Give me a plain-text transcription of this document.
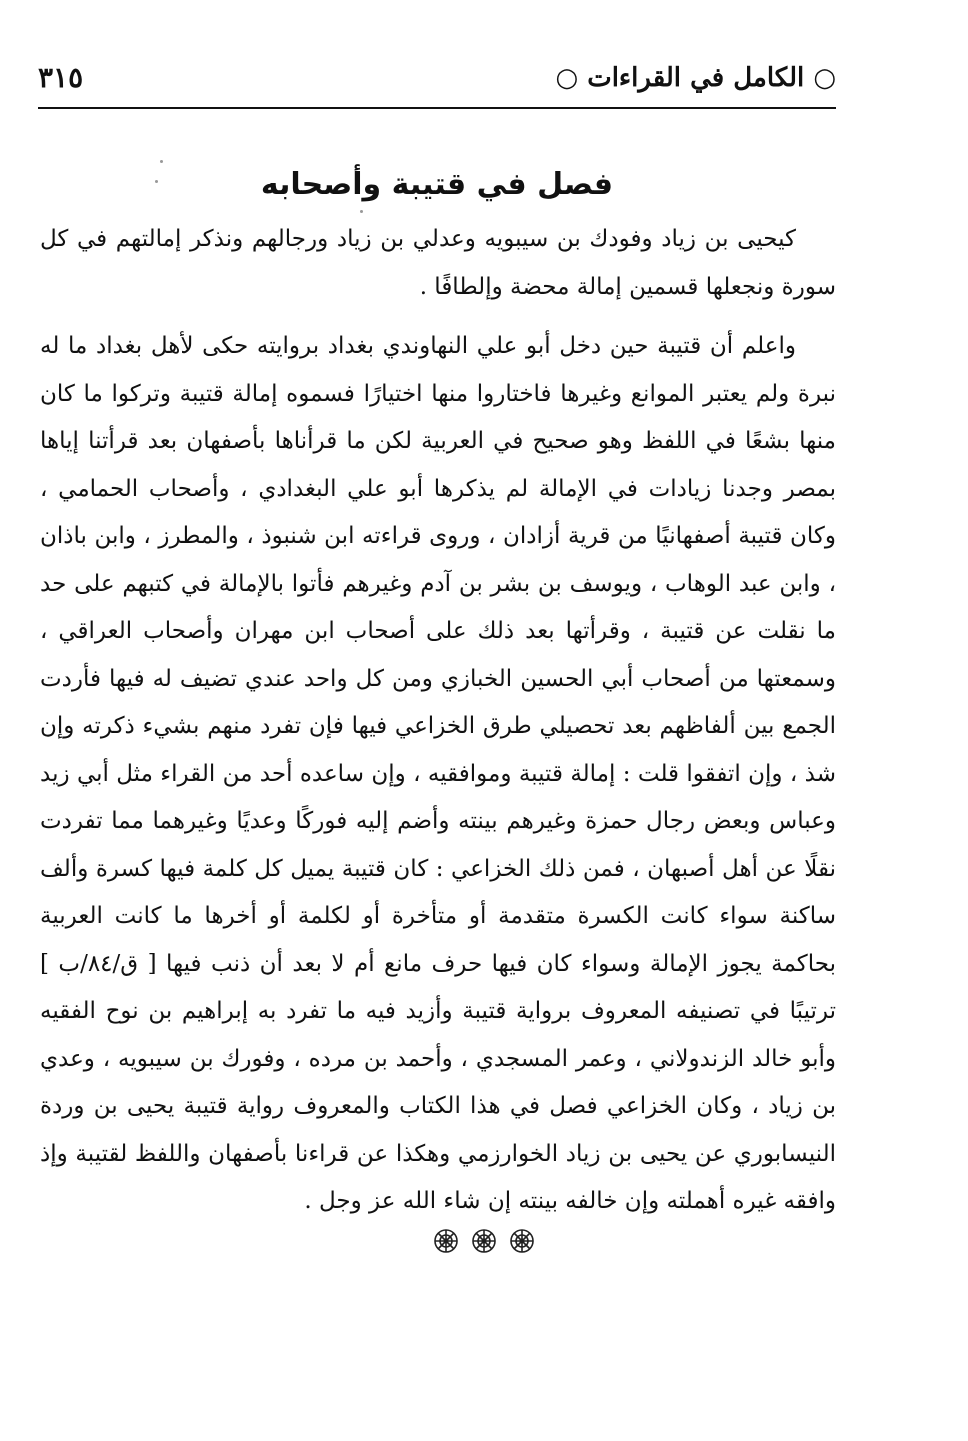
○ الكامل في القراءات ○
٣١٥
فصل في قتيبة وأصحابه

كيحيى بن زياد وفودك بن سيبويه وعدلي بن زياد ورجالهم ونذكر إمالتهم في كل سورة ونجعلها قسمين إمالة محضة وإلطافًا .

واعلم أن قتيبة حين دخل أبو علي النهاوندي بغداد بروايته حكى لأهل بغداد ما له نبرة ولم يعتبر الموانع وغيرها فاختاروا منها اختيارًا فسموه إمالة قتيبة وتركوا ما كان منها بشعًا في اللفظ وهو صحيح في العربية لكن ما قرأناها بأصفهان بعد قرأتنا إياها بمصر وجدنا زيادات في الإمالة لم يذكرها أبو علي البغدادي ، وأصحاب الحمامي ، وكان قتيبة أصفهانيًا من قرية أزادان ، وروى قراءته ابن شنبوذ ، والمطرز ، وابن باذان ، وابن عبد الوهاب ، ويوسف بن بشر بن آدم وغيرهم فأتوا بالإمالة في كتبهم على حد ما نقلت عن قتيبة ، وقرأتها بعد ذلك على أصحاب ابن مهران وأصحاب العراقي ، وسمعتها من أصحاب أبي الحسين الخبازي ومن كل واحد عندي تضيف له فيها فأردت الجمع بين ألفاظهم بعد تحصيلي طرق الخزاعي فيها فإن تفرد منهم بشيء ذكرته وإن شذ ، وإن اتفقوا قلت : إمالة قتيبة وموافقيه ، وإن ساعده أحد من القراء مثل أبي زيد وعباس وبعض رجال حمزة وغيرهم بينته وأضم إليه فوركًا وعديًا وغيرهما مما تفردت نقلًا عن أهل أصبهان ، فمن ذلك الخزاعي : كان قتيبة يميل كل كلمة فيها كسرة وألف ساكنة سواء كانت الكسرة متقدمة أو متأخرة أو لكلمة أو أخرها ما كانت العربية بحاكمة يجوز الإمالة وسواء كان فيها حرف مانع أم لا بعد أن ذنب فيها [ ق/٨٤/ب ] ترتيبًا في تصنيفه المعروف برواية قتيبة وأزيد فيه ما تفرد به إبراهيم بن نوح الفقيه وأبو خالد الزندولاني ، وعمر المسجدي ، وأحمد بن مرده ، وفورك بن سيبويه ، وعدي بن زياد ، وكان الخزاعي فصل في هذا الكتاب والمعروف رواية قتيبة يحيى بن وردة النيسابوري عن يحيى بن زياد الخوارزمي وهكذا عن قراءنا بأصفهان واللفظ لقتيبة وإذ وافقه غيره أهملته وإن خالفه بينته إن شاء الله عز وجل .
